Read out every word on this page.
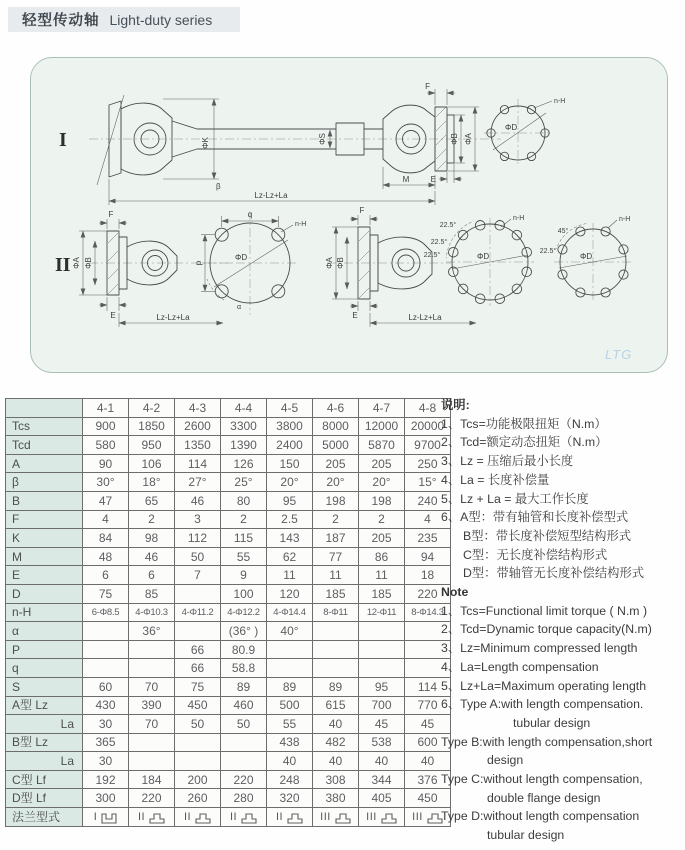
轻型传动轴 Light-duty series
I	ΦK
β
ΦS
F
ΦB ΦA
E
M
Lz-Lz+La
ΦD
n-H
II ΦA ΦB
F
E	Lz-Lz+La
q
p
ΦD
n-H
α
ΦA ΦB
F
E	Lz-Lz+La
ΦD
n-H
22.5°
22.5°
22.5°	ΦD
n-H
45°
22.5°
LTG
	4-1	4-2	4-3	4-4	4-5	4-6	4-7	4-8
Tcs	900	1850	2600	3300	3800	8000	12000	20000
Tcd	580	950	1350	1390	2400	5000	5870	9700
A	90	106	114	126	150	205	205	250
β	30°	18°	27°	25°	20°	20°	20°	15°
B	47	65	46	80	95	198	198	240
F	4	2	3	2	2.5	2	2	4
K	84	98	112	115	143	187	205	235
M	48	46	50	55	62	77	86	94
E	6	6	7	9	11	11	11	18
D	75	85		100	120	185	185	220
n-H	6-Φ8.5	4-Φ10.3	4-Φ11.2	4-Φ12.2	4-Φ14.4	8-Φ11	12-Φ11	8-Φ14.3
α		36°		(36° )	40°			
P			66	80.9				
q			66	58.8				
S	60	70	75	89	89	89	95	114
A型 Lz	430	390	450	460	500	615	700	770
La	30	70	50	50	55	40	45	45
B型 Lz	365				438	482	538	600
La	30				40	40	40	40
C型 Lf	192	184	200	220	248	308	344	376
D型 Lf	300	220	260	280	320	380	405	450
法兰型式	I	II	II	II	II	III	III	III
说明:
1、Tcs=功能极限扭矩（N.m）
2、Tcd=额定动态扭矩（N.m）
3、Lz = 压缩后最小长度
4、La = 长度补偿量
5、Lz + La = 最大工作长度
6、A型：带有轴管和长度补偿型式
B型：带长度补偿短型结构形式
C型：无长度补偿结构形式
D型：带轴管无长度补偿结构形式
Note
1、Tcs=Functional limit torque ( N.m )
2、Tcd=Dynamic torque capacity(N.m)
3、Lz=Minimum compressed length
4、La=Length compensation
5、Lz+La=Maximum operating length
6、Type A:with length compensation.
tubular design
Type B:with length compensation,short
design
Type C:without length compensation,
double flange design
Type D:without length compensation
tubular design
